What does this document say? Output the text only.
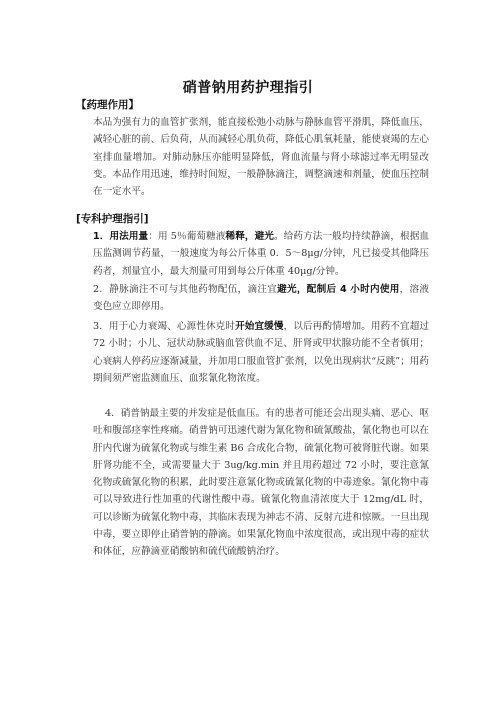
硝普钠用药护理指引
【药理作用】
本品为强有力的血管扩张剂，能直接松弛小动脉与静脉血管平滑肌，降低血压，减轻心脏的前、后负荷，从而减轻心肌负荷，降低心肌氧耗量，能使衰竭的左心室排血量增加。对肺动脉压亦能明显降低，肾血流量与肾小球滤过率无明显改变。本品作用迅速，维持时间短，一般静脉滴注，调整滴速和剂量，使血压控制在一定水平。
[专科护理指引]
1．用法用量：用 5％葡萄糖液稀释，避光。给药方法一般均持续静滴，根据血压监测调节药量，一般速度为每公斤体重 0．5～8μg/分钟，凡已接受其他降压药者，剂量宜小，最大剂量可用到每公斤体重 40μg/分钟。
2．静脉滴注不可与其他药物配伍，滴注宜避光，配制后 4 小时内使用，溶液变色应立即停用。
3．用于心力衰竭、心源性休克时开始宜缓慢，以后再酌情增加。用药不宜超过 72 小时；小儿、冠状动脉或脑血管供血不足、肝肾或甲状腺功能不全者慎用；心衰病人停药应逐渐减量，并加用口服血管扩张剂，以免出现病状“反跳”；用药期间须严密监测血压、血浆氰化物浓度。
4．硝普钠最主要的并发症是低血压。有的患者可能还会出现头痛、恶心、呕吐和腹部痉挛性疼痛。硝普钠可迅速代谢为氰化物和硫氰酸盐，氰化物也可以在肝内代谢为硫氰化物或与维生素 B6 合成化合物，硫氰化物可被肾脏代谢。如果肝肾功能不全，或需要量大于 3ug/kg.min 并且用药超过 72 小时，要注意氰化物或硫氰化物的积累，此时要注意氰化物或硫氰化物的中毒迹象。氰化物中毒可以导致进行性加重的代谢性酸中毒。硫氰化物血清浓度大于 12mg/dL 时，可以诊断为硫氰化物中毒，其临床表现为神志不清、反射亢进和惊厥。一旦出现中毒，要立即停止硝普钠的静滴。如果氰化物血中浓度很高，或出现中毒的症状和体征，应静滴亚硝酸钠和硫代硫酸钠治疗。
